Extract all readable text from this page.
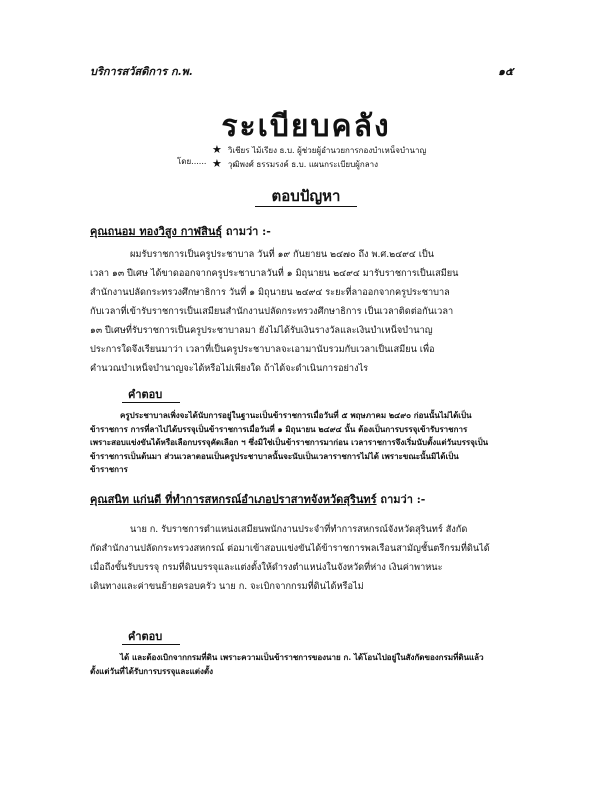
บริการสวัสดิการ ก.พ.	๑๕
ระเบียบคลัง
โดย......
★ วิเชียร ไม้เรียง ธ.บ. ผู้ช่วยผู้อำนวยการกองบำเหน็จบำนาญ
★ วุฒิพงศ์ ธรรมรงค์ ธ.บ. แผนกระเบียบผู้กลาง
ตอบปัญหา
คุณถนอม ทองวิสูง กาฬสินธุ์ ถามว่า :-
ผมรับราชการเป็นครูประชาบาล วันที่ ๑๙ กันยายน ๒๔๗๐ ถึง พ.ศ.๒๔๙๔ เป็น
เวลา ๑๓ ปีเศษ ได้ขาดออกจากครูประชาบาลวันที่ ๑ มิถุนายน ๒๔๙๔ มารับราชการเป็นเสมียน
สำนักงานปลัดกระทรวงศึกษาธิการ วันที่ ๑ มิถุนายน ๒๔๙๔ ระยะที่ลาออกจากครูประชาบาล
กับเวลาที่เข้ารับราชการเป็นเสมียนสำนักงานปลัดกระทรวงศึกษาธิการ เป็นเวลาติดต่อกันเวลา
๑๓ ปีเศษที่รับราชการเป็นครูประชาบาลมา ยังไม่ได้รับเงินรางวัลและเงินบำเหน็จบำนาญ
ประการใดจึงเรียนมาว่า เวลาที่เป็นครูประชาบาลจะเอามานับรวมกับเวลาเป็นเสมียน เพื่อ
คำนวณบำเหน็จบำนาญจะได้หรือไม่เพียงใด ถ้าได้จะดำเนินการอย่างไร
คำตอบ
ครูประชาบาลเพิ่งจะได้นับการอยู่ในฐานะเป็นข้าราชการเมื่อวันที่ ๕ พฤษภาคม ๒๔๙๐ ก่อนนั้นไม่ได้เป็น
ข้าราชการ การที่ลาไปได้บรรจุเป็นข้าราชการเมื่อวันที่ ๑ มิถุนายน ๒๔๙๔ นั้น ต้องเป็นการบรรจุเข้ารับราชการ
เพราะสอบแข่งขันได้หรือเลือกบรรจุคัดเลือก ฯ ซึ่งมิใช่เป็นข้าราชการมาก่อน เวลาราชการจึงเริ่มนับตั้งแต่วันบรรจุเป็น
ข้าราชการเป็นต้นมา ส่วนเวลาตอนเป็นครูประชาบาลนั้นจะนับเป็นเวลาราชการไม่ได้ เพราะขณะนั้นมิได้เป็น
ข้าราชการ
คุณสนิท แก่นดี ที่ทำการสหกรณ์อำเภอปราสาทจังหวัดสุรินทร์ ถามว่า :-
นาย ก. รับราชการตำแหน่งเสมียนพนักงานประจำที่ทำการสหกรณ์จังหวัดสุรินทร์ สังกัด
กัดสำนักงานปลัดกระทรวงสหกรณ์ ต่อมาเข้าสอบแข่งขันได้ข้าราชการพลเรือนสามัญชั้นตรีกรมที่ดินได้
เมื่อถึงขั้นรับบรรจุ กรมที่ดินบรรจุและแต่งตั้งให้ดำรงตำแหน่งในจังหวัดที่ห่าง เงินค่าพาหนะ
เดินทางและค่าขนย้ายครอบครัว นาย ก. จะเบิกจากกรมที่ดินได้หรือไม่
คำตอบ
ได้ และต้องเบิกจากกรมที่ดิน เพราะความเป็นข้าราชการของนาย ก. ได้โอนไปอยู่ในสังกัดของกรมที่ดินแล้ว
ตั้งแต่วันที่ได้รับการบรรจุและแต่งตั้ง
